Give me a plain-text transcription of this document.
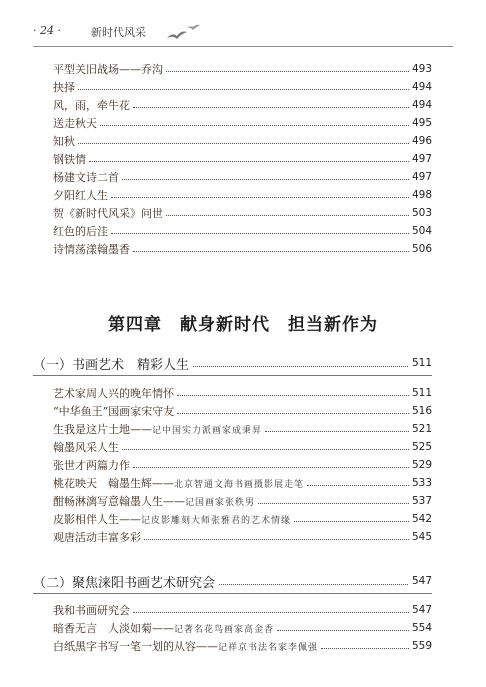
· 24 ·	新时代风采
平型关旧战场——乔沟	493
抉择	494
风，雨，牵牛花	494
送走秋天	495
知秋	496
钢铁情	497
杨建文诗二首	497
夕阳红人生	498
贺《新时代风采》问世	503
红色的后洼	504
诗情荡漾翰墨香	506
第四章　献身新时代　担当新作为
（一）书画艺术　精彩人生	511
艺术家周人兴的晚年情怀	511
“中华鱼王”国画家宋守友	516
生我是这片土地—— 记中国实力派画家成秉昇	521
翰墨风采人生	525
张世才两篇力作	529
桃花映天　翰墨生辉—— 北京智通文海书画摄影展走笔	533
酣畅淋漓写意翰墨人生—— 记国画家张秩男	537
皮影相伴人生—— 记皮影雕刻大师张雅君的艺术情缘	542
观唐活动丰富多彩	545
（二）聚焦涞阳书画艺术研究会	547
我和书画研究会	547
暗香无言　人淡如菊—— 记著名花鸟画家高金香	554
白纸黑字书写一笔一划的从容—— 记祥京书法名家李佩强	559
